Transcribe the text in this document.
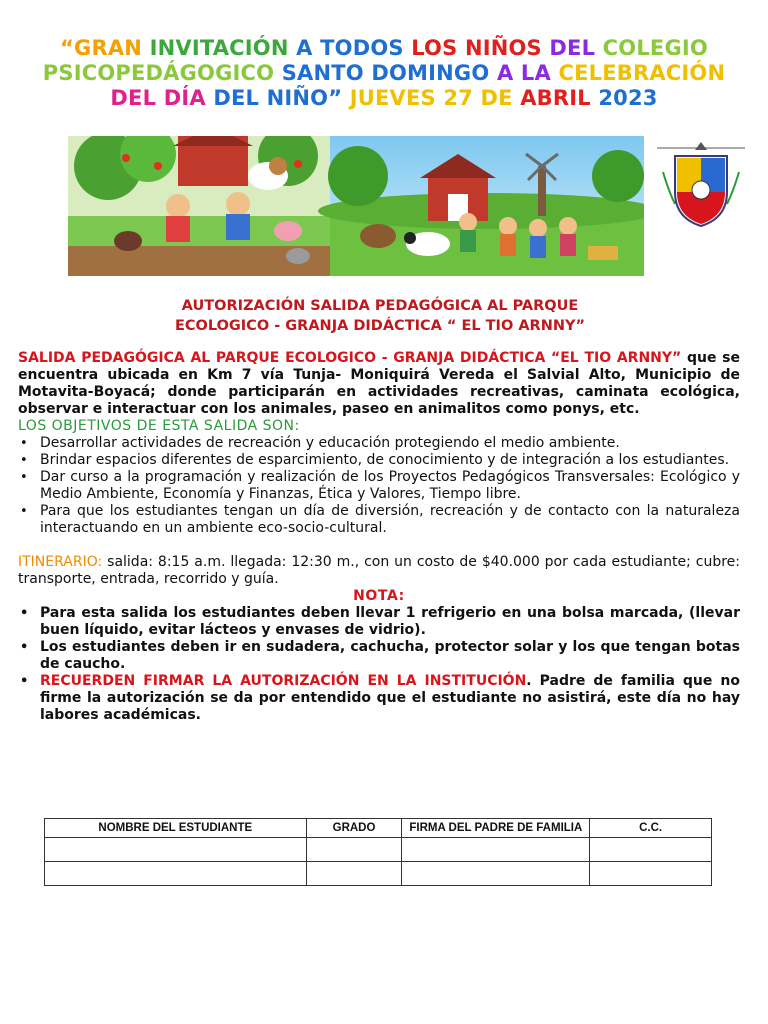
“GRAN INVITACIÓN A TODOS LOS NIÑOS DEL COLEGIO PSICOPEDÁGOGICO SANTO DOMINGO A LA CELEBRACIÓN DEL DÍA DEL NIÑO” JUEVES 27 DE ABRIL 2023
AUTORIZACIÓN SALIDA PEDAGÓGICA AL PARQUE
ECOLOGICO - GRANJA DIDÁCTICA “ EL TIO ARNNY”

SALIDA PEDAGÓGICA AL PARQUE ECOLOGICO - GRANJA DIDÁCTICA “EL TIO ARNNY” que se encuentra ubicada en Km 7 vía Tunja- Moniquirá Vereda el Salvial Alto, Municipio de Motavita-Boyacá; donde participarán en actividades recreativas, caminata ecológica, observar e interactuar con los animales, paseo en animalitos como ponys, etc.

LOS OBJETIVOS DE ESTA SALIDA SON:

• Desarrollar actividades de recreación y educación protegiendo el medio ambiente.
• Brindar espacios diferentes de esparcimiento, de conocimiento y de integración a los estudiantes.
• Dar curso a la programación y realización de los Proyectos Pedagógicos Transversales: Ecológico y Medio Ambiente, Economía y Finanzas, Ética y Valores, Tiempo libre.
• Para que los estudiantes tengan un día de diversión, recreación y de contacto con la naturaleza interactuando en un ambiente eco-socio-cultural.

ITINERARIO: salida: 8:15 a.m. llegada: 12:30 m., con un costo de $40.000 por cada estudiante; cubre: transporte, entrada, recorrido y guía.

NOTA:

• Para esta salida los estudiantes deben llevar 1 refrigerio en una bolsa marcada, (llevar buen líquido, evitar lácteos y envases de vidrio).
• Los estudiantes deben ir en sudadera, cachucha, protector solar y los que tengan botas de caucho.
• RECUERDEN FIRMAR LA AUTORIZACIÓN EN LA INSTITUCIÓN. Padre de familia que no firme la autorización se da por entendido que el estudiante no asistirá, este día no hay labores académicas.
NOMBRE DEL ESTUDIANTE	GRADO	FIRMA DEL PADRE DE FAMILIA	C.C.
